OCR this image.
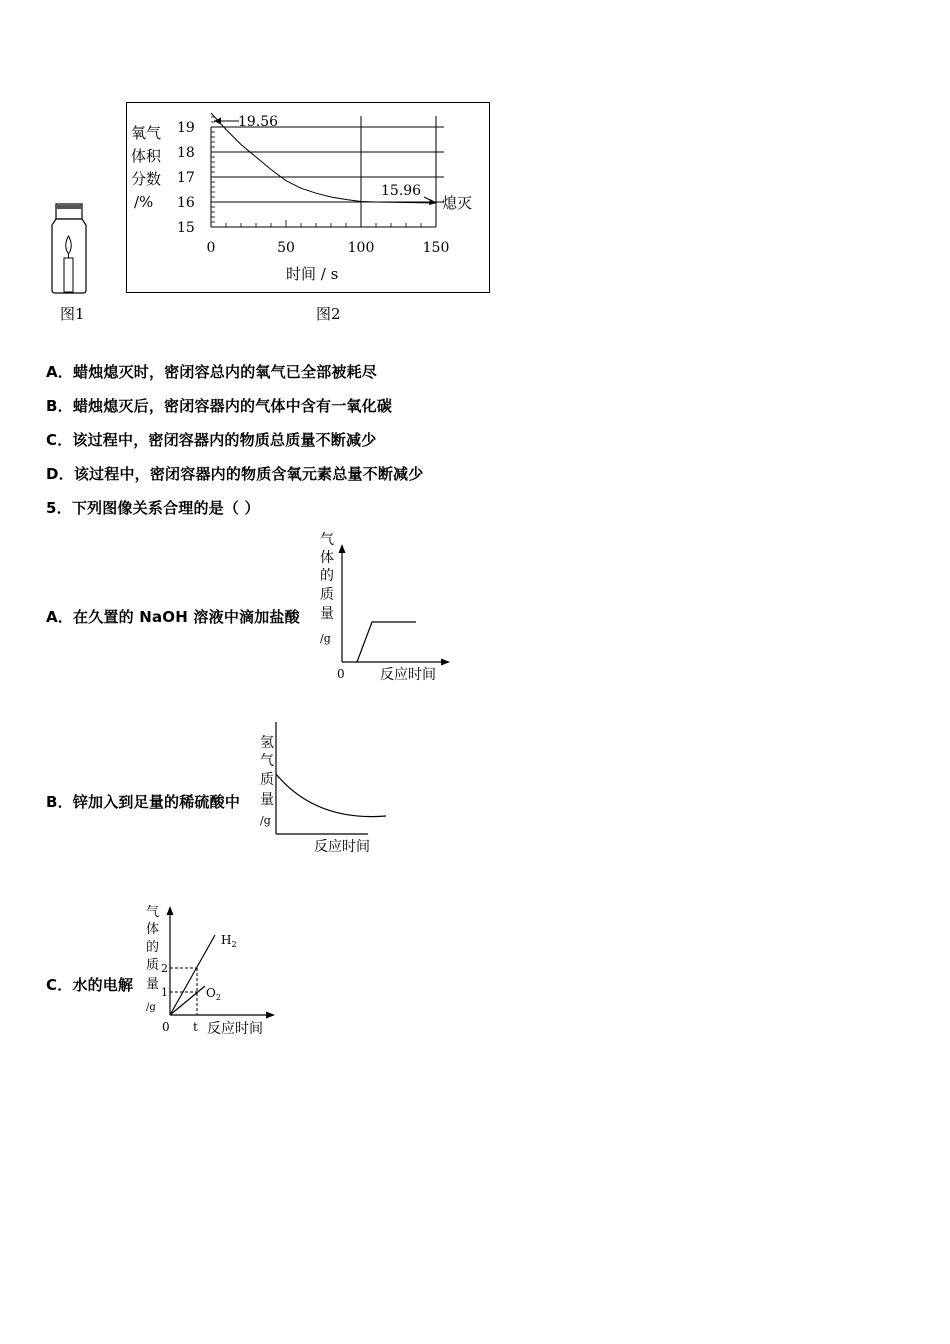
图1
15
16
17
18
19
0	50	100	150
氧气
体积
分数
/%
时间 / s
19.56
15.96
熄灭
图2
A．蜡烛熄灭时，密闭容总内的氧气已全部被耗尽
B．蜡烛熄灭后，密闭容器内的气体中含有一氧化碳
C．该过程中，密闭容器内的物质总质量不断减少
D．该过程中，密闭容器内的物质含氧元素总量不断减少
5．下列图像关系合理的是（ ）
A．在久置的 NaOH 溶液中滴加盐酸
气
体
的
质
量
/g
0	反应时间
B．锌加入到足量的稀硫酸中
氢
气
质
量
/g
反应时间
C．水的电解
气
体
的
质
量
/g
2
1
0 t 反应时间
$H_2$
$O_2$
